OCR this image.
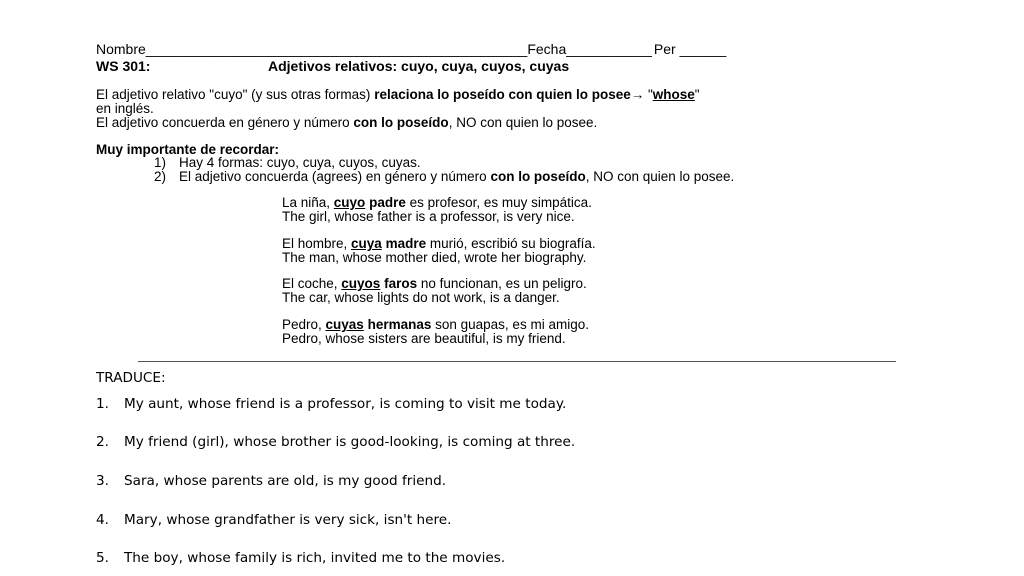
Nombre_________________________________________________Fecha___________ Per ______
WS 301:	Adjetivos relativos: cuyo, cuya, cuyos, cuyas
El adjetivo relativo "cuyo" (y sus otras formas) relaciona lo poseído con quien lo posee→ "whose"
en inglés.
El adjetivo concuerda en género y número con lo poseído, NO con quien lo posee.
Muy importante de recordar:
1) Hay 4 formas: cuyo, cuya, cuyos, cuyas.
2) El adjetivo concuerda (agrees) en género y número con lo poseído, NO con quien lo posee.
La niña, cuyo padre es profesor, es muy simpática.
The girl, whose father is a professor, is very nice.
El hombre, cuya madre murió, escribió su biografía.
The man, whose mother died, wrote her biography.
El coche, cuyos faros no funcionan, es un peligro.
The car, whose lights do not work, is a danger.
Pedro, cuyas hermanas son guapas, es mi amigo.
Pedro, whose sisters are beautiful, is my friend.
TRADUCE:
1. My aunt, whose friend is a professor, is coming to visit me today.
2. My friend (girl), whose brother is good-looking, is coming at three.
3. Sara, whose parents are old, is my good friend.
4. Mary, whose grandfather is very sick, isn't here.
5. The boy, whose family is rich, invited me to the movies.
